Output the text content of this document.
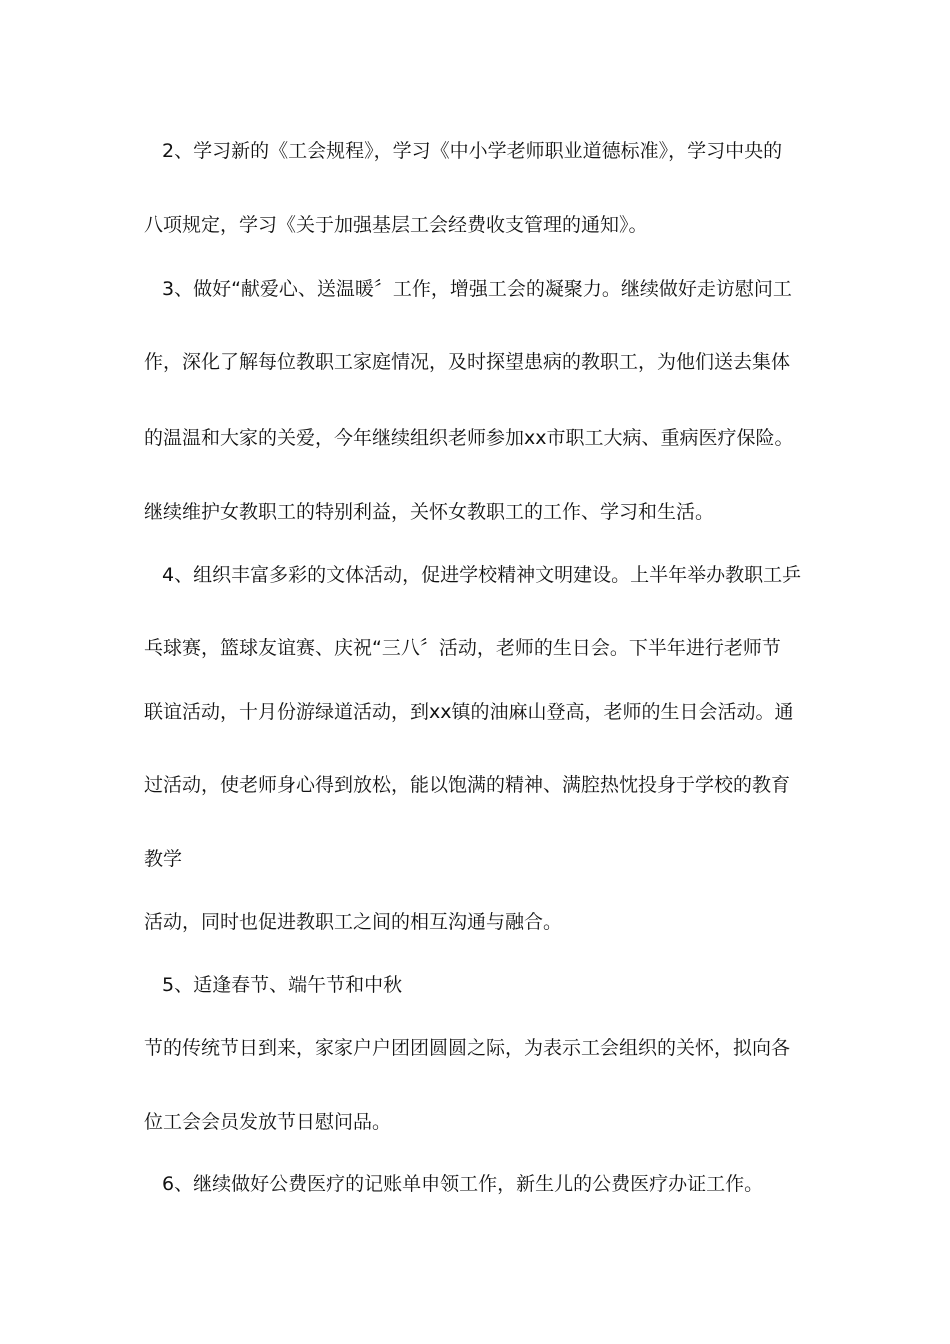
2、学习新的《工会规程》，学习《中小学老师职业道德标准》，学习中央的
八项规定，学习《关于加强基层工会经费收支管理的通知》。
3、做好“献爱心、送温暖〞工作，增强工会的凝聚力。继续做好走访慰问工
作，深化了解每位教职工家庭情况，及时探望患病的教职工，为他们送去集体
的温温和大家的关爱，今年继续组织老师参加xx市职工大病、重病医疗保险。
继续维护女教职工的特别利益，关怀女教职工的工作、学习和生活。
4、组织丰富多彩的文体活动，促进学校精神文明建设。上半年举办教职工乒
乓球赛，篮球友谊赛、庆祝“三八〞活动，老师的生日会。下半年进行老师节
联谊活动，十月份游绿道活动，到xx镇的油麻山登高，老师的生日会活动。通
过活动，使老师身心得到放松，能以饱满的精神、满腔热忱投身于学校的教育
教学
活动，同时也促进教职工之间的相互沟通与融合。
5、适逢春节、端午节和中秋
节的传统节日到来，家家户户团团圆圆之际，为表示工会组织的关怀，拟向各
位工会会员发放节日慰问品。
6、继续做好公费医疗的记账单申领工作，新生儿的公费医疗办证工作。
